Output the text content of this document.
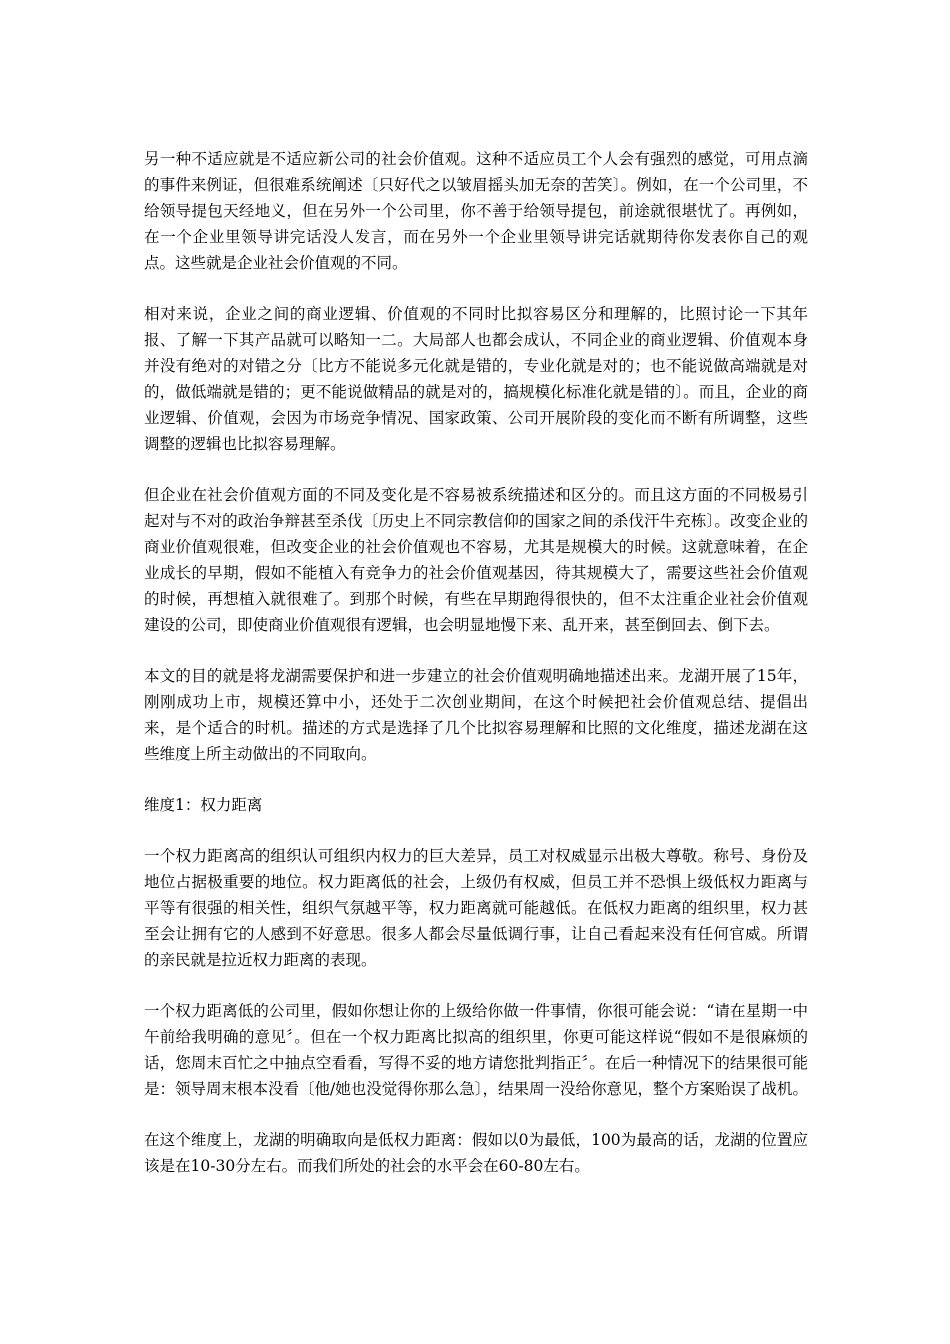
另一种不适应就是不适应新公司的社会价值观。这种不适应员工个人会有强烈的感觉，可用点滴的事件来例证，但很难系统阐述〔只好代之以皱眉摇头加无奈的苦笑〕。例如，在一个公司里，不给领导提包天经地义，但在另外一个公司里，你不善于给领导提包，前途就很堪忧了。再例如，在一个企业里领导讲完话没人发言，而在另外一个企业里领导讲完话就期待你发表你自己的观点。这些就是企业社会价值观的不同。

相对来说，企业之间的商业逻辑、价值观的不同时比拟容易区分和理解的，比照讨论一下其年报、了解一下其产品就可以略知一二。大局部人也都会成认，不同企业的商业逻辑、价值观本身并没有绝对的对错之分〔比方不能说多元化就是错的，专业化就是对的；也不能说做高端就是对的，做低端就是错的；更不能说做精品的就是对的，搞规模化标准化就是错的〕。而且，企业的商业逻辑、价值观，会因为市场竞争情况、国家政策、公司开展阶段的变化而不断有所调整，这些调整的逻辑也比拟容易理解。

但企业在社会价值观方面的不同及变化是不容易被系统描述和区分的。而且这方面的不同极易引起对与不对的政治争辩甚至杀伐〔历史上不同宗教信仰的国家之间的杀伐汗牛充栋〕。改变企业的商业价值观很难，但改变企业的社会价值观也不容易，尤其是规模大的时候。这就意味着，在企业成长的早期，假如不能植入有竞争力的社会价值观基因，待其规模大了，需要这些社会价值观的时候，再想植入就很难了。到那个时候，有些在早期跑得很快的，但不太注重企业社会价值观建设的公司，即使商业价值观很有逻辑，也会明显地慢下来、乱开来，甚至倒回去、倒下去。

本文的目的就是将龙湖需要保护和进一步建立的社会价值观明确地描述出来。龙湖开展了15年，刚刚成功上市，规模还算中小，还处于二次创业期间，在这个时候把社会价值观总结、提倡出来，是个适合的时机。描述的方式是选择了几个比拟容易理解和比照的文化维度，描述龙湖在这些维度上所主动做出的不同取向。

维度1：权力距离

一个权力距离高的组织认可组织内权力的巨大差异，员工对权威显示出极大尊敬。称号、身份及地位占据极重要的地位。权力距离低的社会，上级仍有权威，但员工并不恐惧上级低权力距离与平等有很强的相关性，组织气氛越平等，权力距离就可能越低。在低权力距离的组织里，权力甚至会让拥有它的人感到不好意思。很多人都会尽量低调行事，让自己看起来没有任何官威。所谓的亲民就是拉近权力距离的表现。

一个权力距离低的公司里，假如你想让你的上级给你做一件事情，你很可能会说：“请在星期一中午前给我明确的意见〞。但在一个权力距离比拟高的组织里，你更可能这样说“假如不是很麻烦的话，您周末百忙之中抽点空看看，写得不妥的地方请您批判指正〞。在后一种情况下的结果很可能是：领导周末根本没看〔他/她也没觉得你那么急〕，结果周一没给你意见，整个方案贻误了战机。

在这个维度上，龙湖的明确取向是低权力距离：假如以0为最低，100为最高的话，龙湖的位置应该是在10-30分左右。而我们所处的社会的水平会在60-80左右。
